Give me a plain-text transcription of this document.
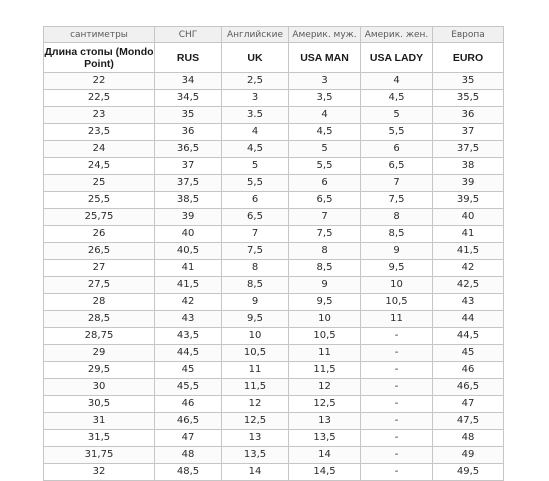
сантиметры	СНГ	Английские	Америк. муж.	Америк. жен.	Европа
Длина стопы (Mondo Point)	RUS	UK	USA MAN	USA LADY	EURO
22	34	2,5	3	4	35
22,5	34,5	3	3,5	4,5	35,5
23	35	3.5	4	5	36
23,5	36	4	4,5	5,5	37
24	36,5	4,5	5	6	37,5
24,5	37	5	5,5	6,5	38
25	37,5	5,5	6	7	39
25,5	38,5	6	6,5	7,5	39,5
25,75	39	6,5	7	8	40
26	40	7	7,5	8,5	41
26,5	40,5	7,5	8	9	41,5
27	41	8	8,5	9,5	42
27,5	41,5	8,5	9	10	42,5
28	42	9	9,5	10,5	43
28,5	43	9,5	10	11	44
28,75	43,5	10	10,5	-	44,5
29	44,5	10,5	11	-	45
29,5	45	11	11,5	-	46
30	45,5	11,5	12	-	46,5
30,5	46	12	12,5	-	47
31	46,5	12,5	13	-	47,5
31,5	47	13	13,5	-	48
31,75	48	13,5	14	-	49
32	48,5	14	14,5	-	49,5
